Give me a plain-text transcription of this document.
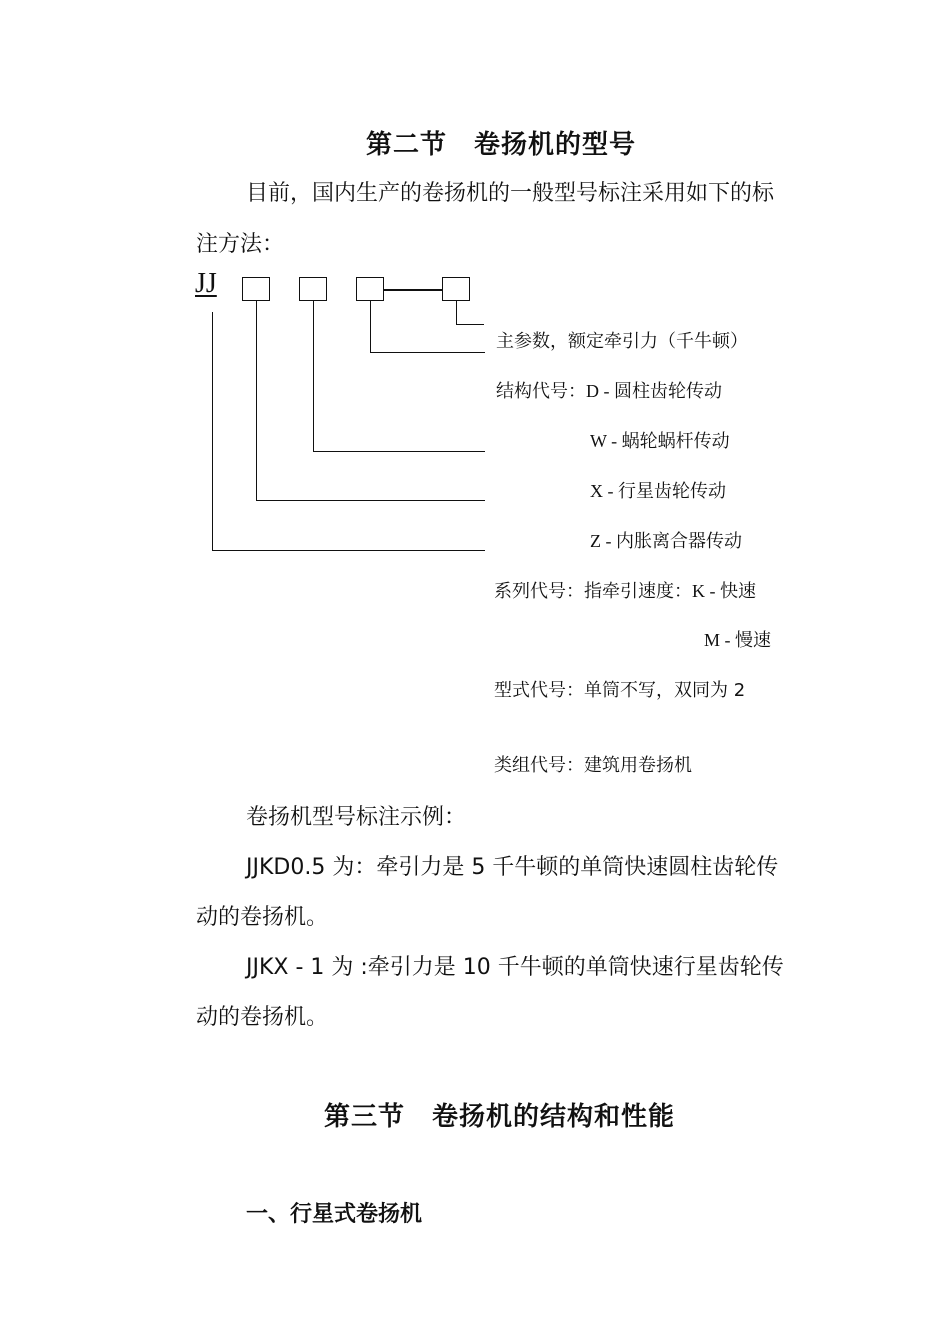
第二节　卷扬机的型号
目前，国内生产的卷扬机的一般型号标注采用如下的标
注方法：
JJ
主参数，额定牵引力（千牛顿）
结构代号：D - 圆柱齿轮传动
W - 蜗轮蜗杆传动
X - 行星齿轮传动
Z - 内胀离合器传动
系列代号：指牵引速度：K - 快速
M - 慢速
型式代号：单筒不写，双同为 2
类组代号：建筑用卷扬机
卷扬机型号标注示例：
JJKD0.5 为：牵引力是 5 千牛顿的单筒快速圆柱齿轮传
动的卷扬机。
JJKX - 1 为 :牵引力是 10 千牛顿的单筒快速行星齿轮传
动的卷扬机。
第三节　卷扬机的结构和性能
一、行星式卷扬机
